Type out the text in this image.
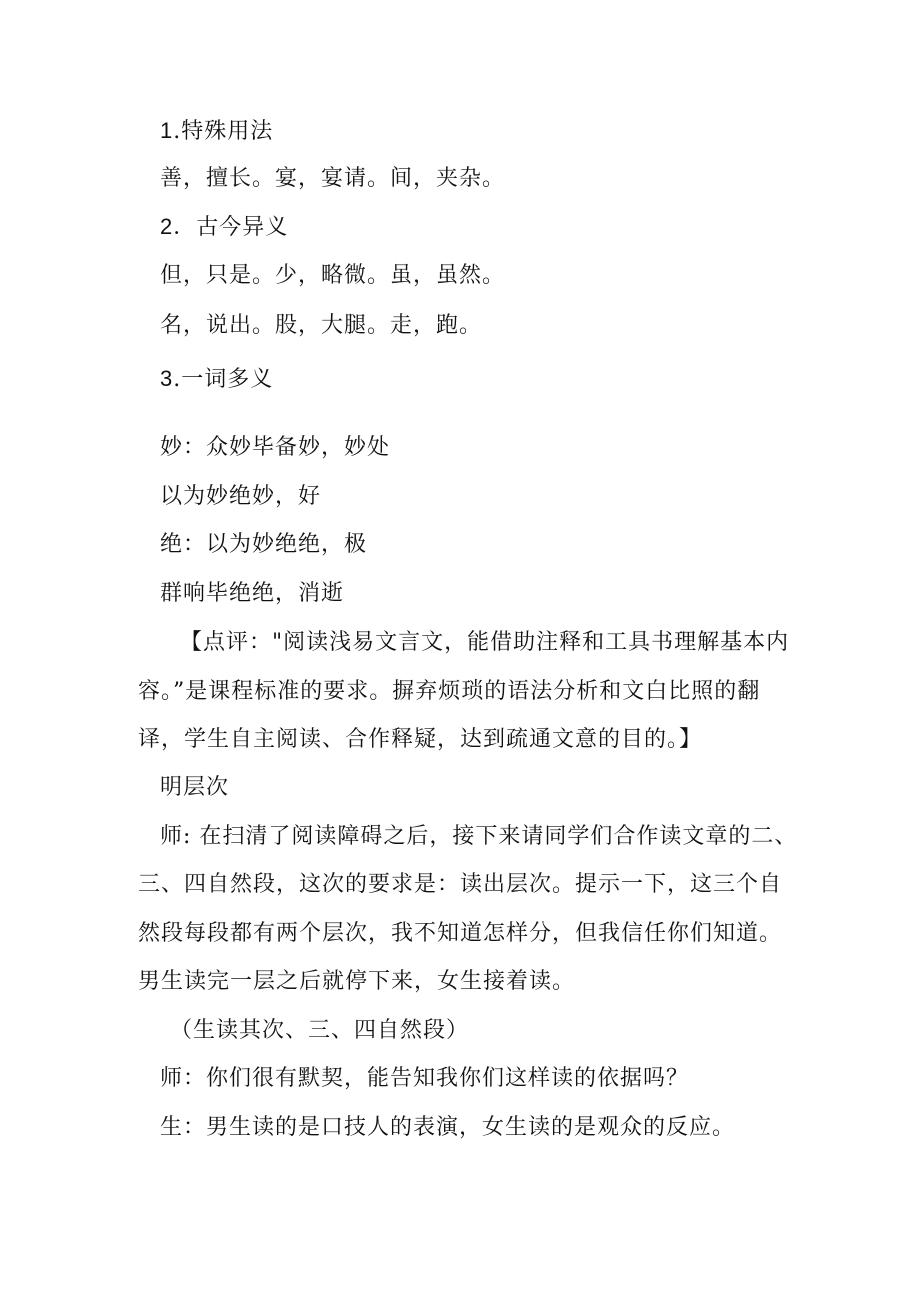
1.特殊用法
善，擅长。宴，宴请。间，夹杂。
2．古今异义
但，只是。少，略微。虽，虽然。
名，说出。股，大腿。走，跑。
3.一词多义
妙：众妙毕备妙，妙处
以为妙绝妙，好
绝：以为妙绝绝，极
群响毕绝绝，消逝
【点评："阅读浅易文言文，能借助注释和工具书理解基本内
容。”是课程标准的要求。摒弃烦琐的语法分析和文白比照的翻
译，学生自主阅读、合作释疑，达到疏通文意的目的。】
明层次
师: 在扫清了阅读障碍之后，接下来请同学们合作读文章的二、
三、四自然段，这次的要求是：读出层次。提示一下，这三个自
然段每段都有两个层次，我不知道怎样分，但我信任你们知道。
男生读完一层之后就停下来，女生接着读。
（生读其次、三、四自然段）
师：你们很有默契，能告知我你们这样读的依据吗？
生：男生读的是口技人的表演，女生读的是观众的反应。
